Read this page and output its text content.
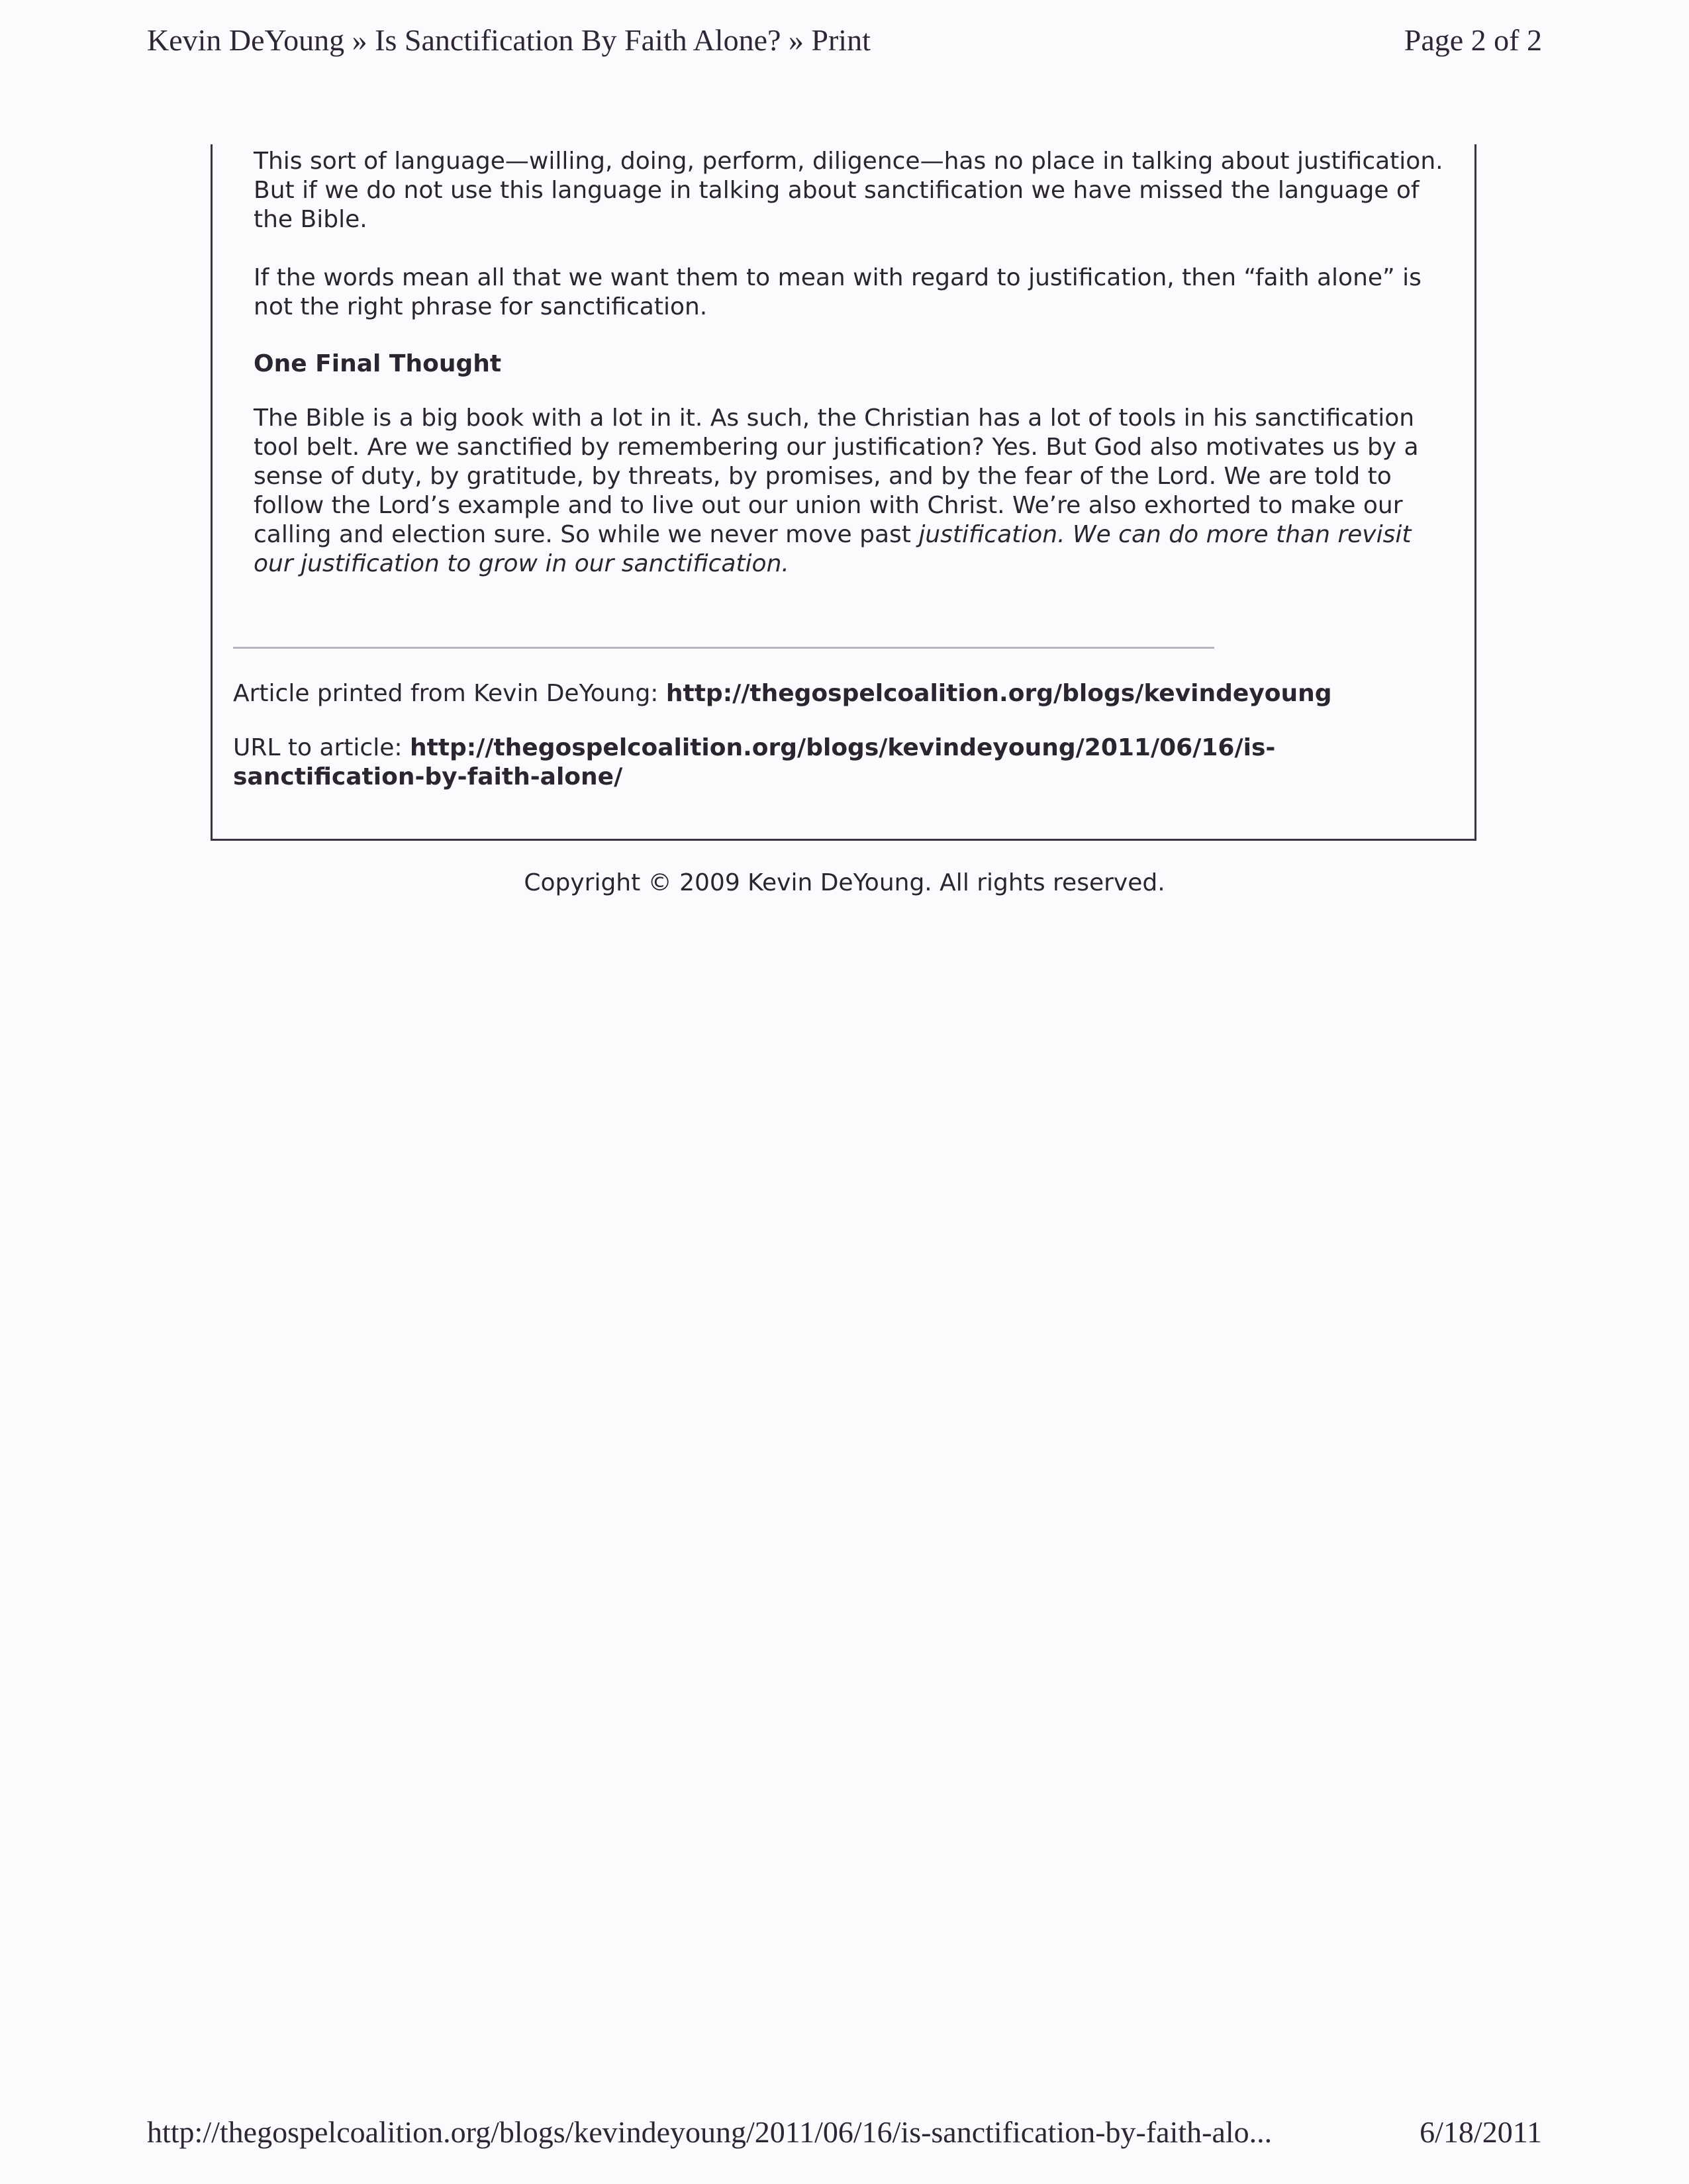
Kevin DeYoung » Is Sanctification By Faith Alone? » Print	Page 2 of 2

This sort of language—willing, doing, perform, diligence—has no place in talking about justification. But if we do not use this language in talking about sanctification we have missed the language of the Bible.

If the words mean all that we want them to mean with regard to justification, then “faith alone” is not the right phrase for sanctification.

One Final Thought

The Bible is a big book with a lot in it. As such, the Christian has a lot of tools in his sanctification tool belt. Are we sanctified by remembering our justification? Yes. But God also motivates us by a sense of duty, by gratitude, by threats, by promises, and by the fear of the Lord. We are told to follow the Lord’s example and to live out our union with Christ. We’re also exhorted to make our calling and election sure. So while we never move past justification. We can do more than revisit our justification to grow in our sanctification.

Article printed from Kevin DeYoung: http://thegospelcoalition.org/blogs/kevindeyoung
URL to article: http://thegospelcoalition.org/blogs/kevindeyoung/2011/06/16/is-sanctification-by-faith-alone/
Copyright © 2009 Kevin DeYoung. All rights reserved.
http://thegospelcoalition.org/blogs/kevindeyoung/2011/06/16/is-sanctification-by-faith-alo...	6/18/2011
